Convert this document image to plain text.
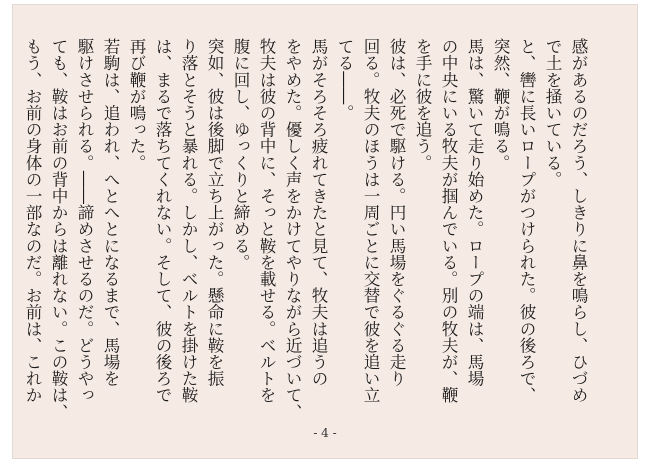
感があるのだろう、しきりに鼻を鳴らし、ひづめ
で土を掻いている。
と、轡に長いロープがつけられた。彼の後ろで、
突然、鞭が鳴る。
馬は、驚いて走り始めた。ロープの端は、馬場
の中央にいる牧夫が掴んでいる。別の牧夫が、鞭
を手に彼を追う。
彼は、必死で駆ける。円い馬場をぐるぐる走り
回る。牧夫のほうは一周ごとに交替で彼を追い立
てる――。
馬がそろそろ疲れてきたと見て、牧夫は追うの
をやめた。優しく声をかけてやりながら近づいて、
牧夫は彼の背中に、そっと鞍を載せる。ベルトを
腹に回し、ゆっくりと締める。
突如、彼は後脚で立ち上がった。懸命に鞍を振
り落とそうと暴れる。しかし、ベルトを掛けた鞍
は、まるで落ちてくれない。そして、彼の後ろで
再び鞭が鳴った。
若駒は、追われ、へとへとになるまで、馬場を
駆けさせられる。――諦めさせるのだ。どうやっ
ても、鞍はお前の背中からは離れない。この鞍は、
もう、お前の身体の一部なのだ。お前は、これか
- 4 -
